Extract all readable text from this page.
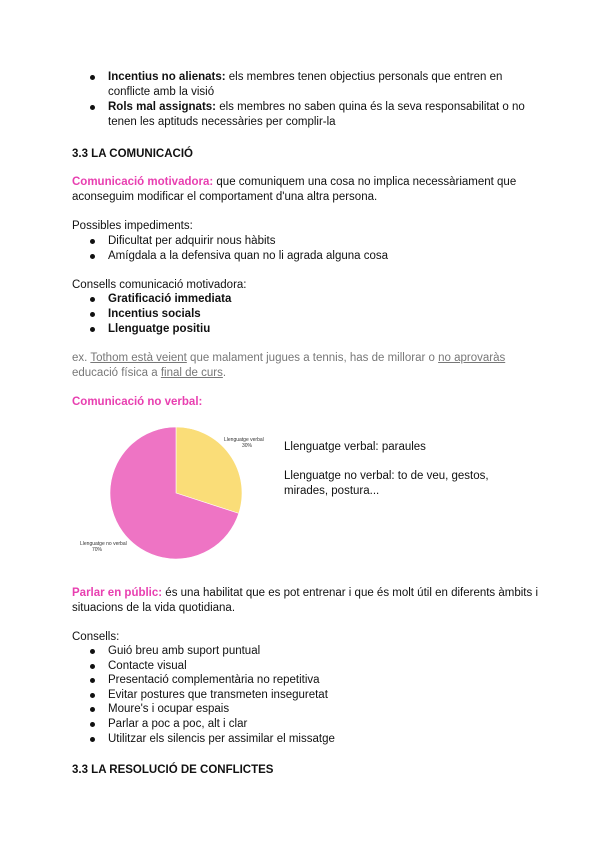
Incentius no alienats: els membres tenen objectius personals que entren en
conflicte amb la visió
Rols mal assignats: els membres no saben quina és la seva responsabilitat o no
tenen les aptituds necessàries per complir-la
3.3 LA COMUNICACIÓ
Comunicació motivadora: que comuniquem una cosa no implica necessàriament que
aconseguim modificar el comportament d'una altra persona.
Possibles impediments:
Dificultat per adquirir nous hàbits
Amígdala a la defensiva quan no li agrada alguna cosa
Consells comunicació motivadora:
Gratificació immediata
Incentius socials
Llenguatge positiu
ex. Tothom està veient que malament jugues a tennis, has de millorar o no aprovaràs
educació física a final de curs.
Comunicació no verbal:
Llenguatge verbal
30%
Llenguatge no verbal
70%
Llenguatge verbal: paraules
Llenguatge no verbal: to de veu, gestos,
mirades, postura...
Parlar en públic: és una habilitat que es pot entrenar i que és molt útil en diferents àmbits i
situacions de la vida quotidiana.
Consells:
Guió breu amb suport puntual
Contacte visual
Presentació complementària no repetitiva
Evitar postures que transmeten inseguretat
Moure's i ocupar espais
Parlar a poc a poc, alt i clar
Utilitzar els silencis per assimilar el missatge
3.3 LA RESOLUCIÓ DE CONFLICTES
